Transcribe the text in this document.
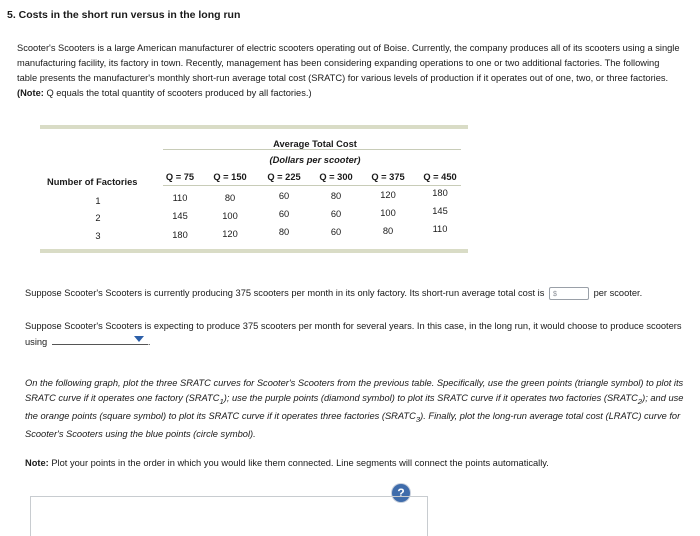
5. Costs in the short run versus in the long run
Scooter's Scooters is a large American manufacturer of electric scooters operating out of Boise. Currently, the company produces all of its scooters using a single manufacturing facility, its factory in town. Recently, management has been considering expanding operations to one or two additional factories. The following table presents the manufacturer's monthly short-run average total cost (SRATC) for various levels of production if it operates out of one, two, or three factories. (Note: Q equals the total quantity of scooters produced by all factories.)
Average Total Cost
(Dollars per scooter)
Number of Factories	Q = 75	Q = 150	Q = 225	Q = 300	Q = 375	Q = 450
1	110	80	60	80	120	180
2	145	100	60	60	100	145
3	180	120	80	60	80	110
Suppose Scooter's Scooters is currently producing 375 scooters per month in its only factory. Its short-run average total cost is $	per scooter.
Suppose Scooter's Scooters is expecting to produce 375 scooters per month for several years. In this case, in the long run, it would choose to produce scooters using	.
On the following graph, plot the three SRATC curves for Scooter's Scooters from the previous table. Specifically, use the green points (triangle symbol) to plot its SRATC curve if it operates one factory $(SRATC_1)$; use the purple points (diamond symbol) to plot its SRATC curve if it operates two factories $(SRATC_2)$; and use the orange points (square symbol) to plot its SRATC curve if it operates three factories $(SRATC_3)$. Finally, plot the long-run average total cost (LRATC) curve for Scooter's Scooters using the blue points (circle symbol).
Note: Plot your points in the order in which you would like them connected. Line segments will connect the points automatically.
?
